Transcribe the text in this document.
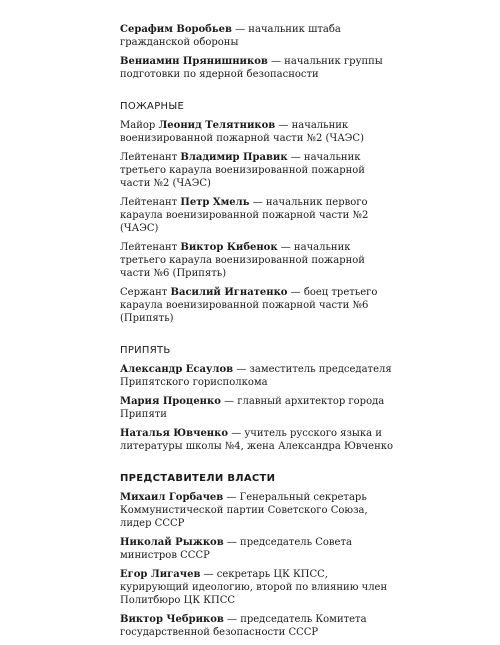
Серафим Воробьев — начальник штаба гражданской обороны

Вениамин Прянишников — начальник группы подготовки по ядерной безопасности

ПОЖАРНЫЕ

Майор Леонид Телятников — начальник военизированной пожарной части №2 (ЧАЭС)

Лейтенант Владимир Правик — начальник третьего караула военизированной пожарной части №2 (ЧАЭС)

Лейтенант Петр Хмель — начальник первого караула военизированной пожарной части №2 (ЧАЭС)

Лейтенант Виктор Кибенок — начальник третьего караула военизированной пожарной части №6 (Припять)

Сержант Василий Игнатенко — боец третьего караула военизированной пожарной части №6 (Припять)

ПРИПЯТЬ

Александр Есаулов — заместитель председателя Припятского горисполкома

Мария Проценко — главный архитектор города Припяти

Наталья Ювченко — учитель русского языка и литературы школы №4, жена Александра Ювченко

ПРЕДСТАВИТЕЛИ ВЛАСТИ

Михаил Горбачев — Генеральный секретарь Коммунистической партии Советского Союза, лидер СССР

Николай Рыжков — председатель Совета министров СССР

Егор Лигачев — секретарь ЦК КПСС, курирующий идеологию, второй по влиянию член Политбюро ЦК КПСС

Виктор Чебриков — председатель Комитета государственной безопасности СССР
